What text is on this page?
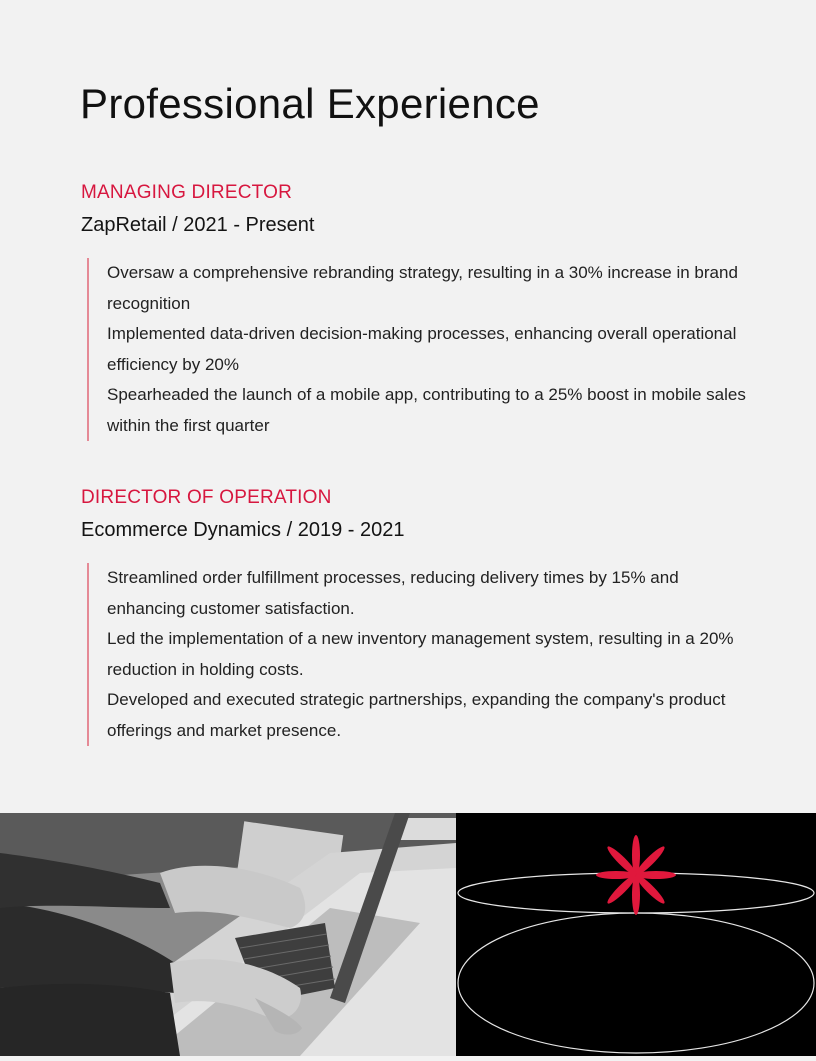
Professional Experience
MANAGING DIRECTOR
ZapRetail / 2021 - Present
Oversaw a comprehensive rebranding strategy, resulting in a 30% increase in brand recognition
Implemented data-driven decision-making processes, enhancing overall operational efficiency by 20%
Spearheaded the launch of a mobile app, contributing to a 25% boost in mobile sales within the first quarter
DIRECTOR OF OPERATION
Ecommerce Dynamics / 2019 - 2021
Streamlined order fulfillment processes, reducing delivery times by 15% and enhancing customer satisfaction.
Led the implementation of a new inventory management system, resulting in a 20% reduction in holding costs.
Developed and executed strategic partnerships, expanding the company's product offerings and market presence.
